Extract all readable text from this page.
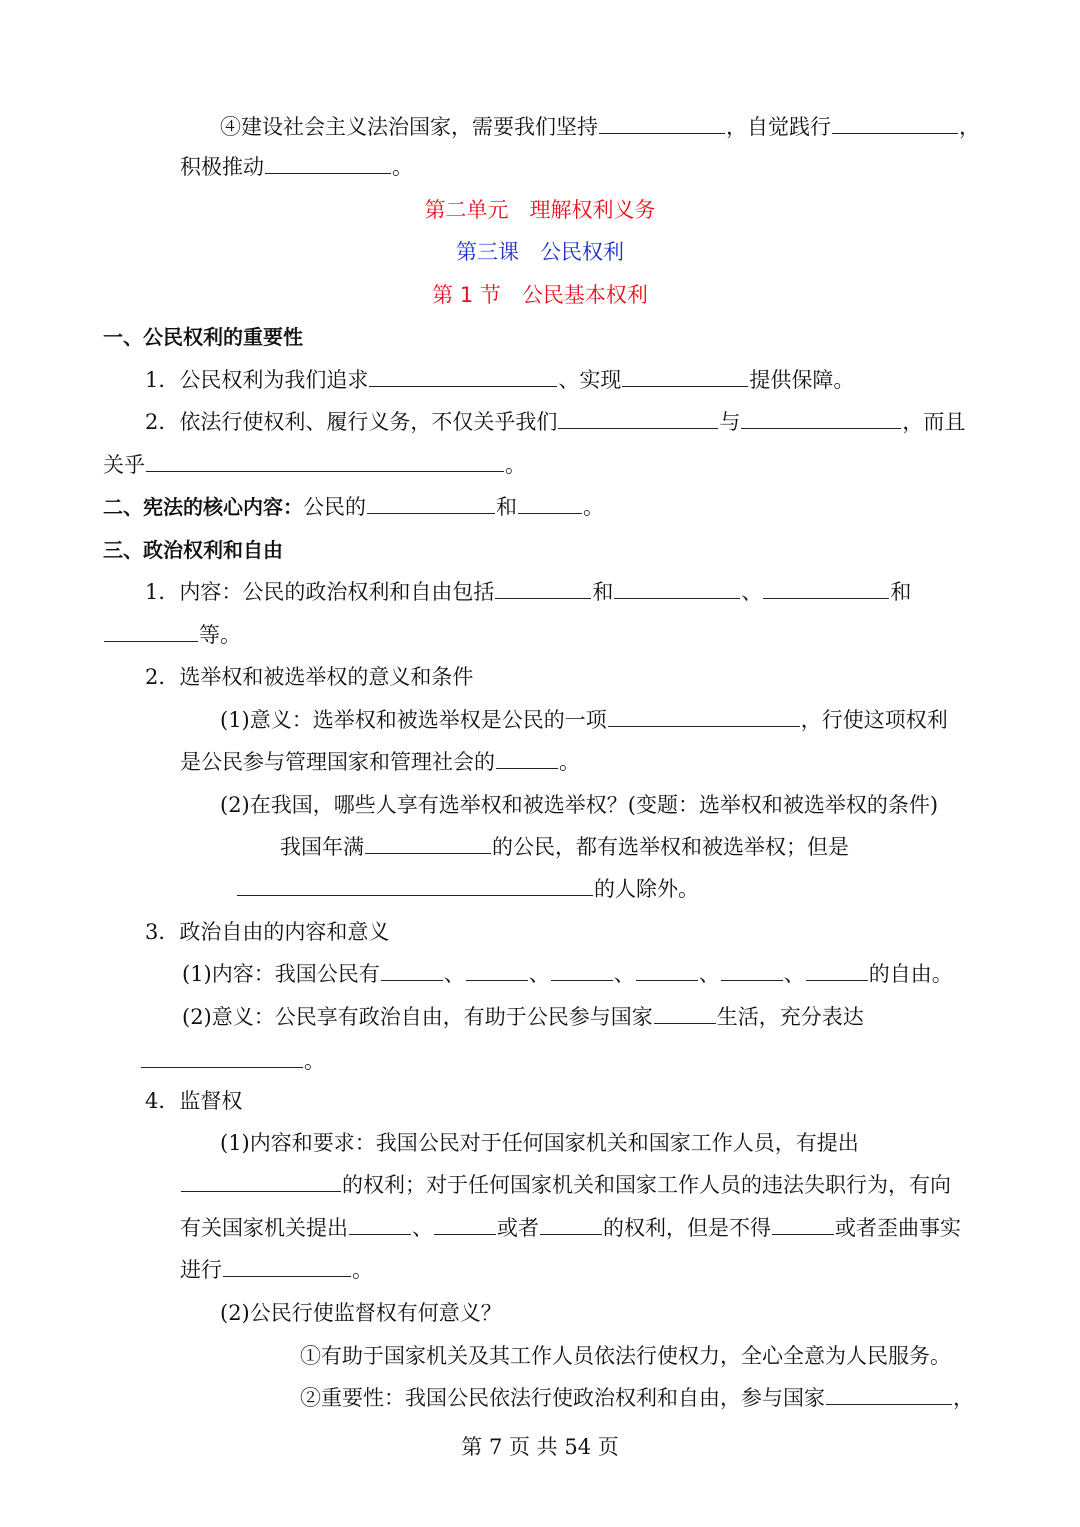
④建设社会主义法治国家，需要我们坚持	，自觉践行	，
积极推动	。
第二单元　理解权利义务
第三课　公民权利
第 1 节　公民基本权利
一、公民权利的重要性
1．公民权利为我们追求	、实现	提供保障。
2．依法行使权利、履行义务，不仅关乎我们	与	，而且
关乎	。
二、宪法的核心内容：公民的	和	。
三、政治权利和自由
1．内容：公民的政治权利和自由包括	和	、	和
等。
2．选举权和被选举权的意义和条件
(1)意义：选举权和被选举权是公民的一项	，行使这项权利
是公民参与管理国家和管理社会的	。
(2)在我国，哪些人享有选举权和被选举权？(变题：选举权和被选举权的条件)
我国年满	的公民，都有选举权和被选举权；但是
的人除外。
3．政治自由的内容和意义
(1)内容：我国公民有	、	、	、	、	、	的自由。
(2)意义：公民享有政治自由，有助于公民参与国家	生活，充分表达
。
4．监督权
(1)内容和要求：我国公民对于任何国家机关和国家工作人员，有提出
的权利；对于任何国家机关和国家工作人员的违法失职行为，有向
有关国家机关提出	、	或者	的权利，但是不得	或者歪曲事实
进行	。
(2)公民行使监督权有何意义？
①有助于国家机关及其工作人员依法行使权力，全心全意为人民服务。
②重要性：我国公民依法行使政治权利和自由，参与国家	，
第 7 页 共 54 页
